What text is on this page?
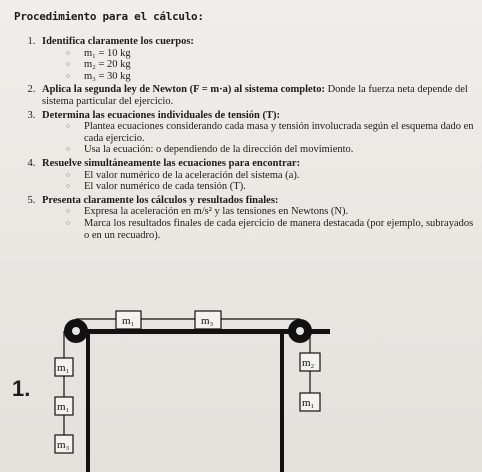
Procedimiento para el cálculo:
1. Identifica claramente los cuerpos:
○ m₁ = 10 kg
○ m₂ = 20 kg
○ m₃ = 30 kg
2. Aplica la segunda ley de Newton (F = m·a) al sistema completo: Donde la fuerza neta depende del sistema particular del ejercicio.
3. Determina las ecuaciones individuales de tensión (T):
○ Plantea ecuaciones considerando cada masa y tensión involucrada según el esquema dado en cada ejercicio.
○ Usa la ecuación: o dependiendo de la dirección del movimiento.
4. Resuelve simultáneamente las ecuaciones para encontrar:
○ El valor numérico de la aceleración del sistema (a).
○ El valor numérico de cada tensión (T).
5. Presenta claramente los cálculos y resultados finales:
○ Expresa la aceleración en m/s² y las tensiones en Newtons (N).
○ Marca los resultados finales de cada ejercicio de manera destacada (por ejemplo, subrayados o en un recuadro).
1.
m₁	m₃
m₁
m₁
m₃
m₂
m₁
